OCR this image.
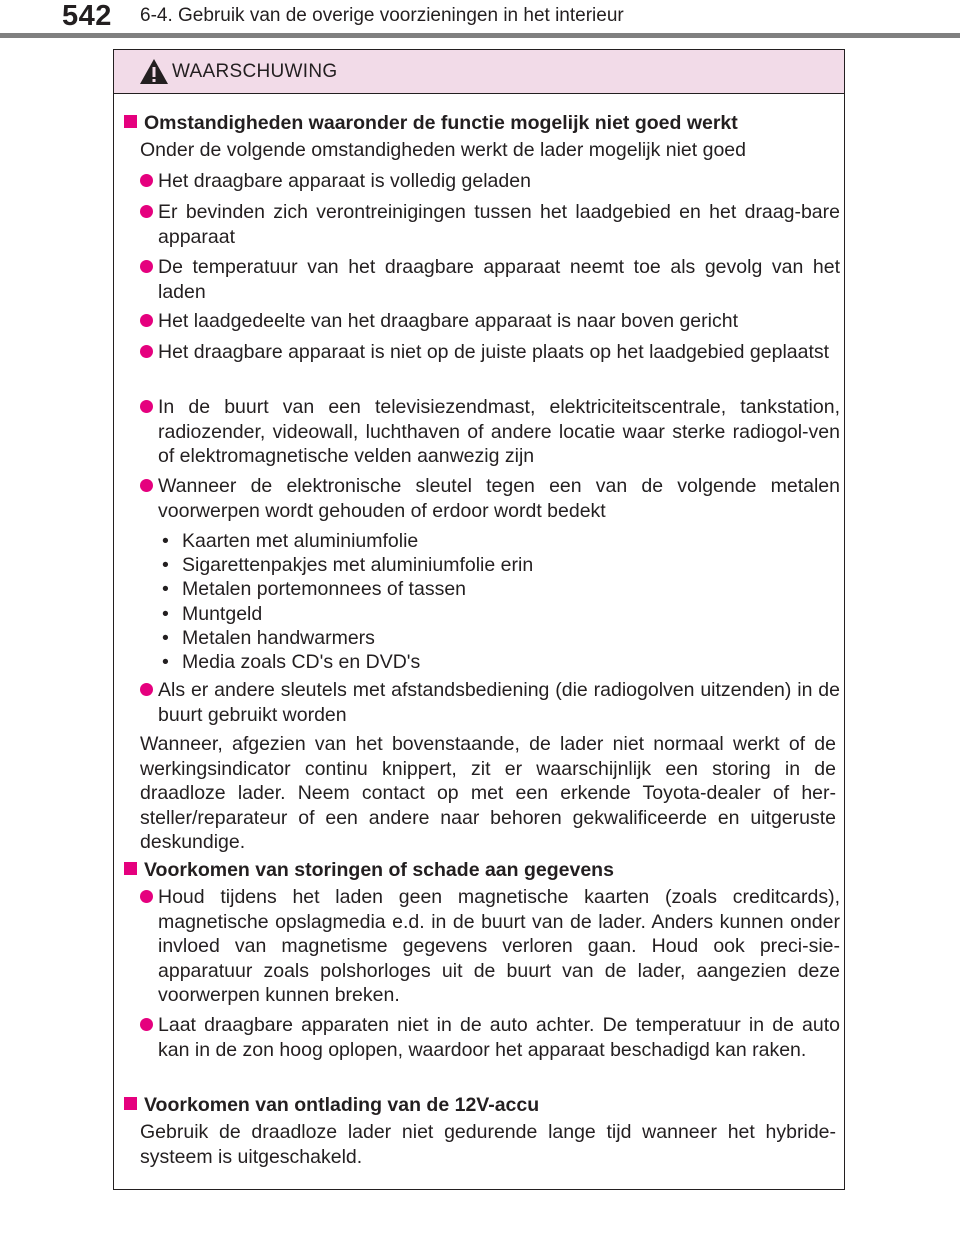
542 6-4. Gebruik van de overige voorzieningen in het interieur
WAARSCHUWING
Omstandigheden waaronder de functie mogelijk niet goed werkt
Onder de volgende omstandigheden werkt de lader mogelijk niet goed
Het draagbare apparaat is volledig geladen
Er bevinden zich verontreinigingen tussen het laadgebied en het draag-bare apparaat
De temperatuur van het draagbare apparaat neemt toe als gevolg van het laden
Het laadgedeelte van het draagbare apparaat is naar boven gericht
Het draagbare apparaat is niet op de juiste plaats op het laadgebied geplaatst
In de buurt van een televisiezendmast, elektriciteitscentrale, tankstation, radiozender, videowall, luchthaven of andere locatie waar sterke radiogol-ven of elektromagnetische velden aanwezig zijn
Wanneer de elektronische sleutel tegen een van de volgende metalen voorwerpen wordt gehouden of erdoor wordt bedekt
• Kaarten met aluminiumfolie
• Sigarettenpakjes met aluminiumfolie erin
• Metalen portemonnees of tassen
• Muntgeld
• Metalen handwarmers
• Media zoals CD's en DVD's
Als er andere sleutels met afstandsbediening (die radiogolven uitzenden) in de buurt gebruikt worden
Wanneer, afgezien van het bovenstaande, de lader niet normaal werkt of de werkingsindicator continu knippert, zit er waarschijnlijk een storing in de draadloze lader. Neem contact op met een erkende Toyota-dealer of her-steller/reparateur of een andere naar behoren gekwalificeerde en uitgeruste deskundige.
Voorkomen van storingen of schade aan gegevens
Houd tijdens het laden geen magnetische kaarten (zoals creditcards), magnetische opslagmedia e.d. in de buurt van de lader. Anders kunnen onder invloed van magnetisme gegevens verloren gaan. Houd ook preci-sie-apparatuur zoals polshorloges uit de buurt van de lader, aangezien deze voorwerpen kunnen breken.
Laat draagbare apparaten niet in de auto achter. De temperatuur in de auto kan in de zon hoog oplopen, waardoor het apparaat beschadigd kan raken.
Voorkomen van ontlading van de 12V-accu
Gebruik de draadloze lader niet gedurende lange tijd wanneer het hybride-systeem is uitgeschakeld.
